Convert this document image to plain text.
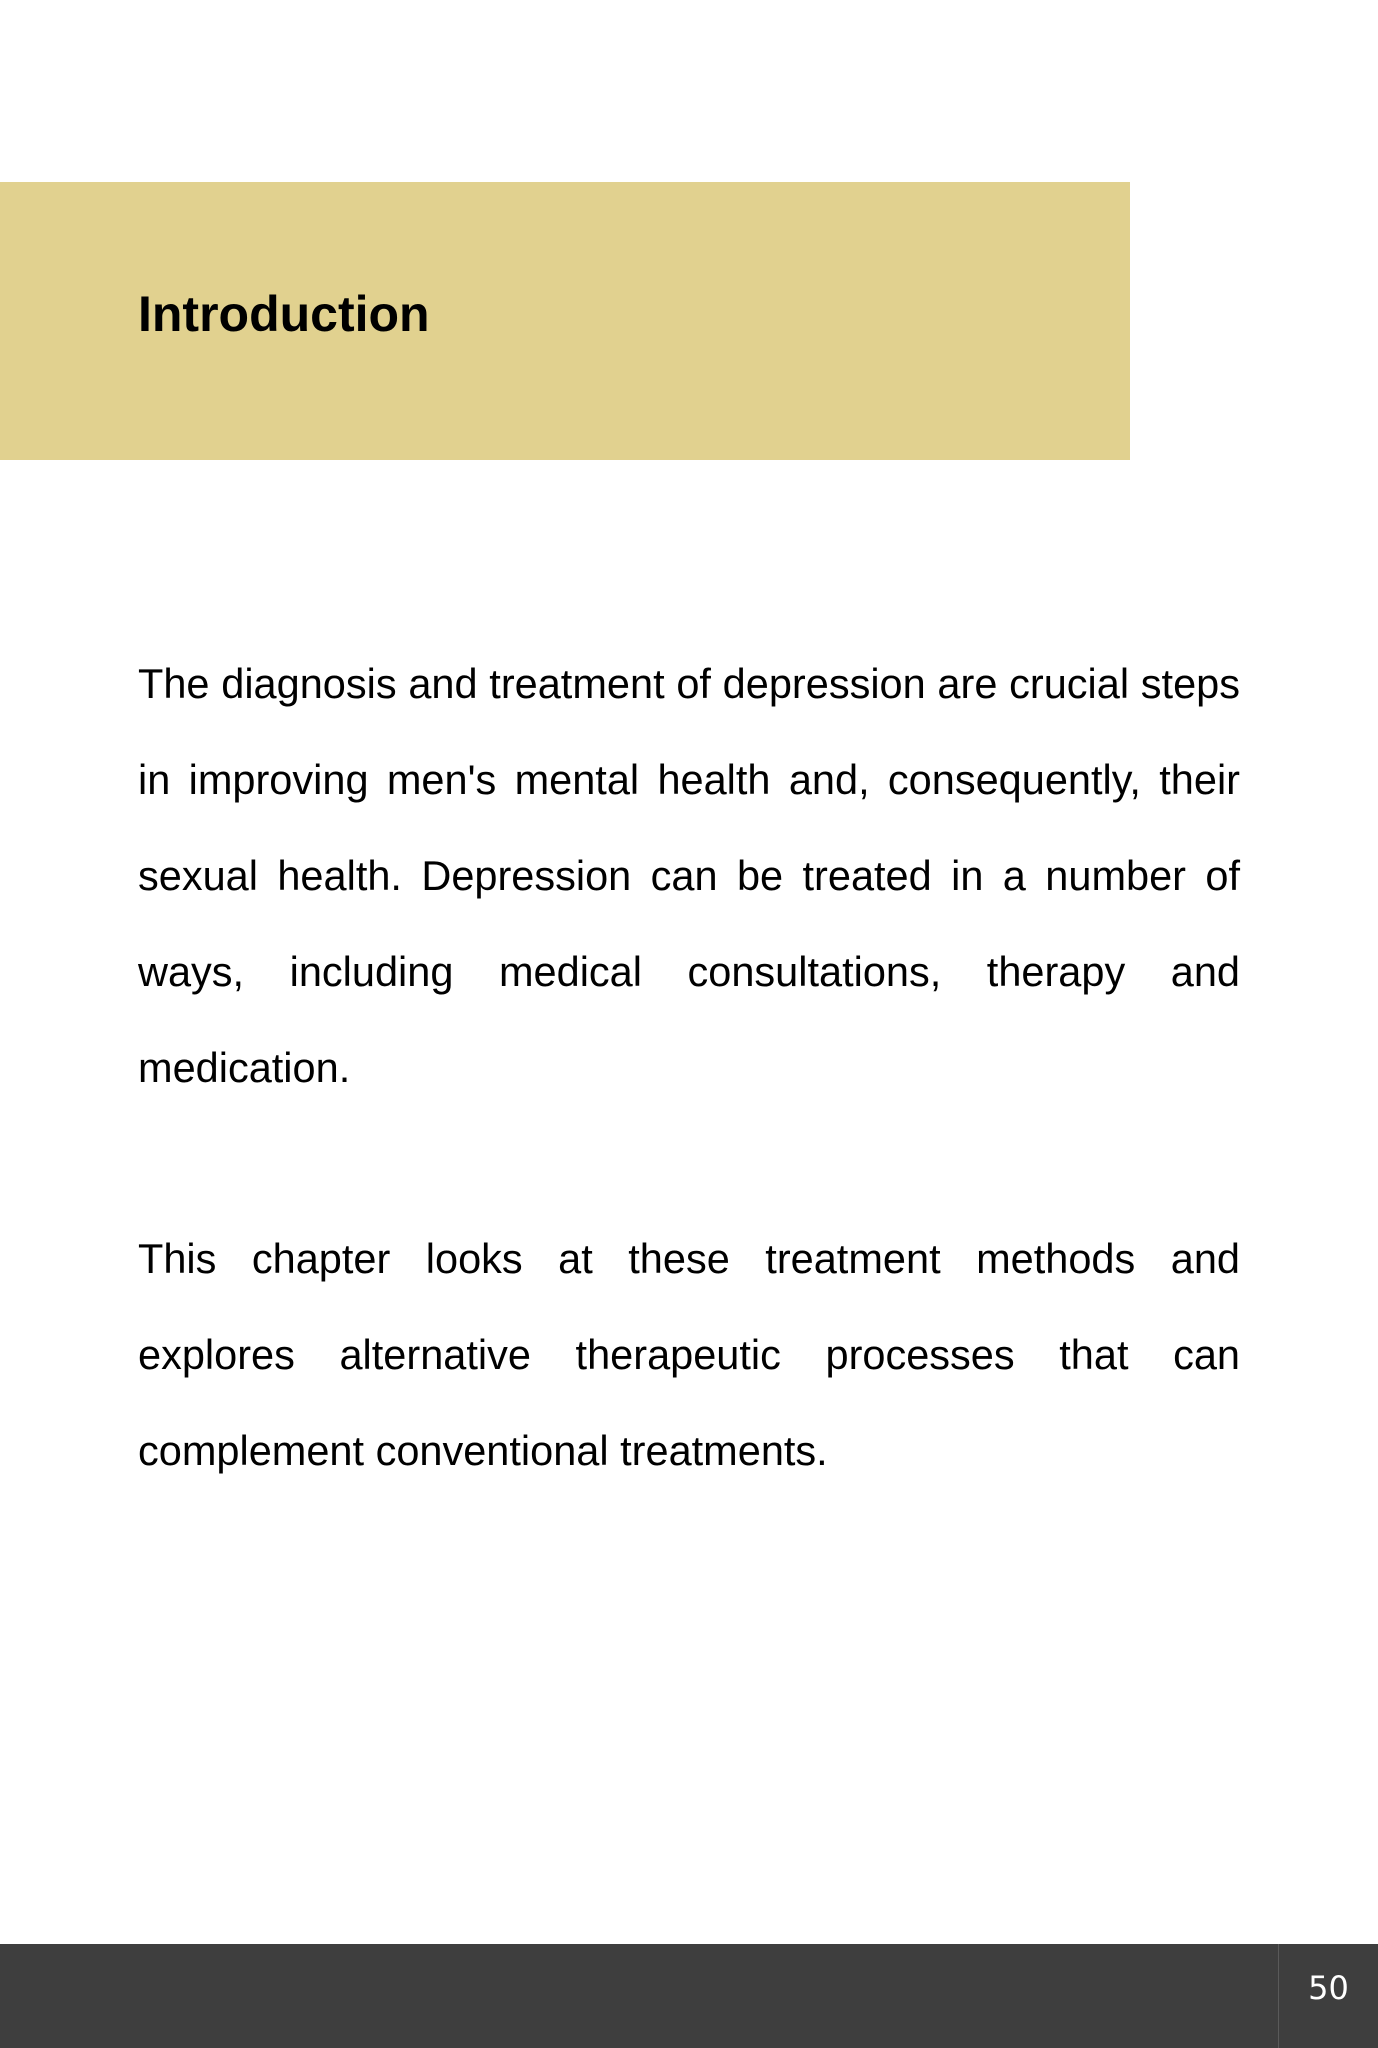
Introduction

The diagnosis and treatment of depression are crucial steps in improving men's mental health and, consequently, their sexual health. Depression can be treated in a number of ways, including medical consultations, therapy and medication.

This chapter looks at these treatment methods and explores alternative therapeutic processes that can complement conventional treatments.

50
